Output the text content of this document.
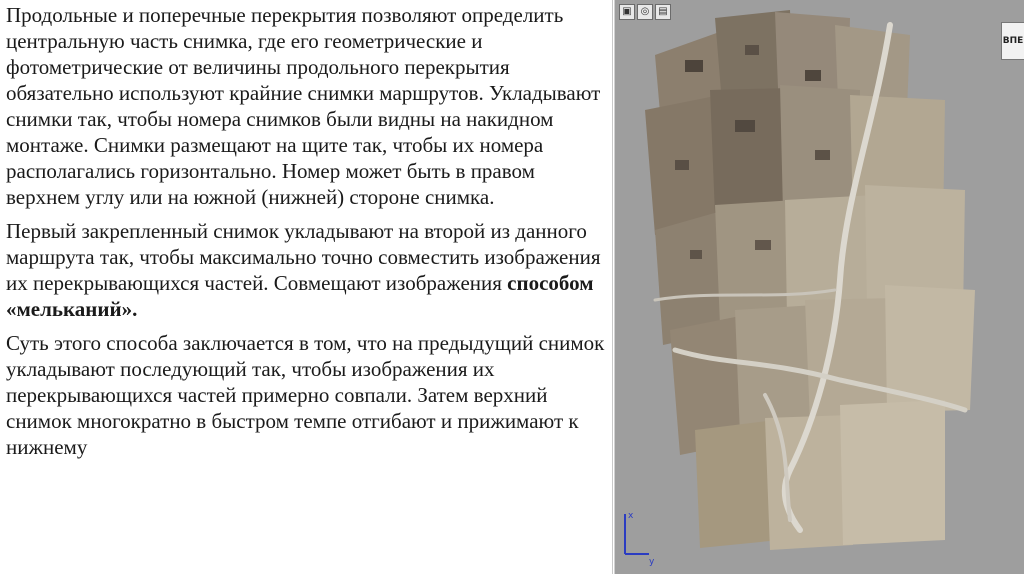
Продольные и поперечные перекрытия позволяют определить центральную часть снимка, где его геометрические и фотометрические от величины продольного перекрытия обязательно используют крайние снимки маршрутов. Укладывают снимки так, чтобы номера снимков были видны на накидном монтаже. Снимки размещают на щите так, чтобы их номера располагались горизонтально. Номер может быть в правом верхнем углу или на южной (нижней) стороне снимка.

Первый закрепленный снимок укладывают на второй из данного маршрута так, чтобы максимально точно совместить изображения их перекрывающихся частей. Совмещают изображения способом «мельканий».

Суть этого способа заключается в том, что на предыдущий снимок укладывают последующий так, чтобы изображения их перекрывающихся частей примерно совпали. Затем верхний снимок многократно в быстром темпе отгибают и прижимают к нижнему

▣ ◎ ▤
ВПЕ
x
y
